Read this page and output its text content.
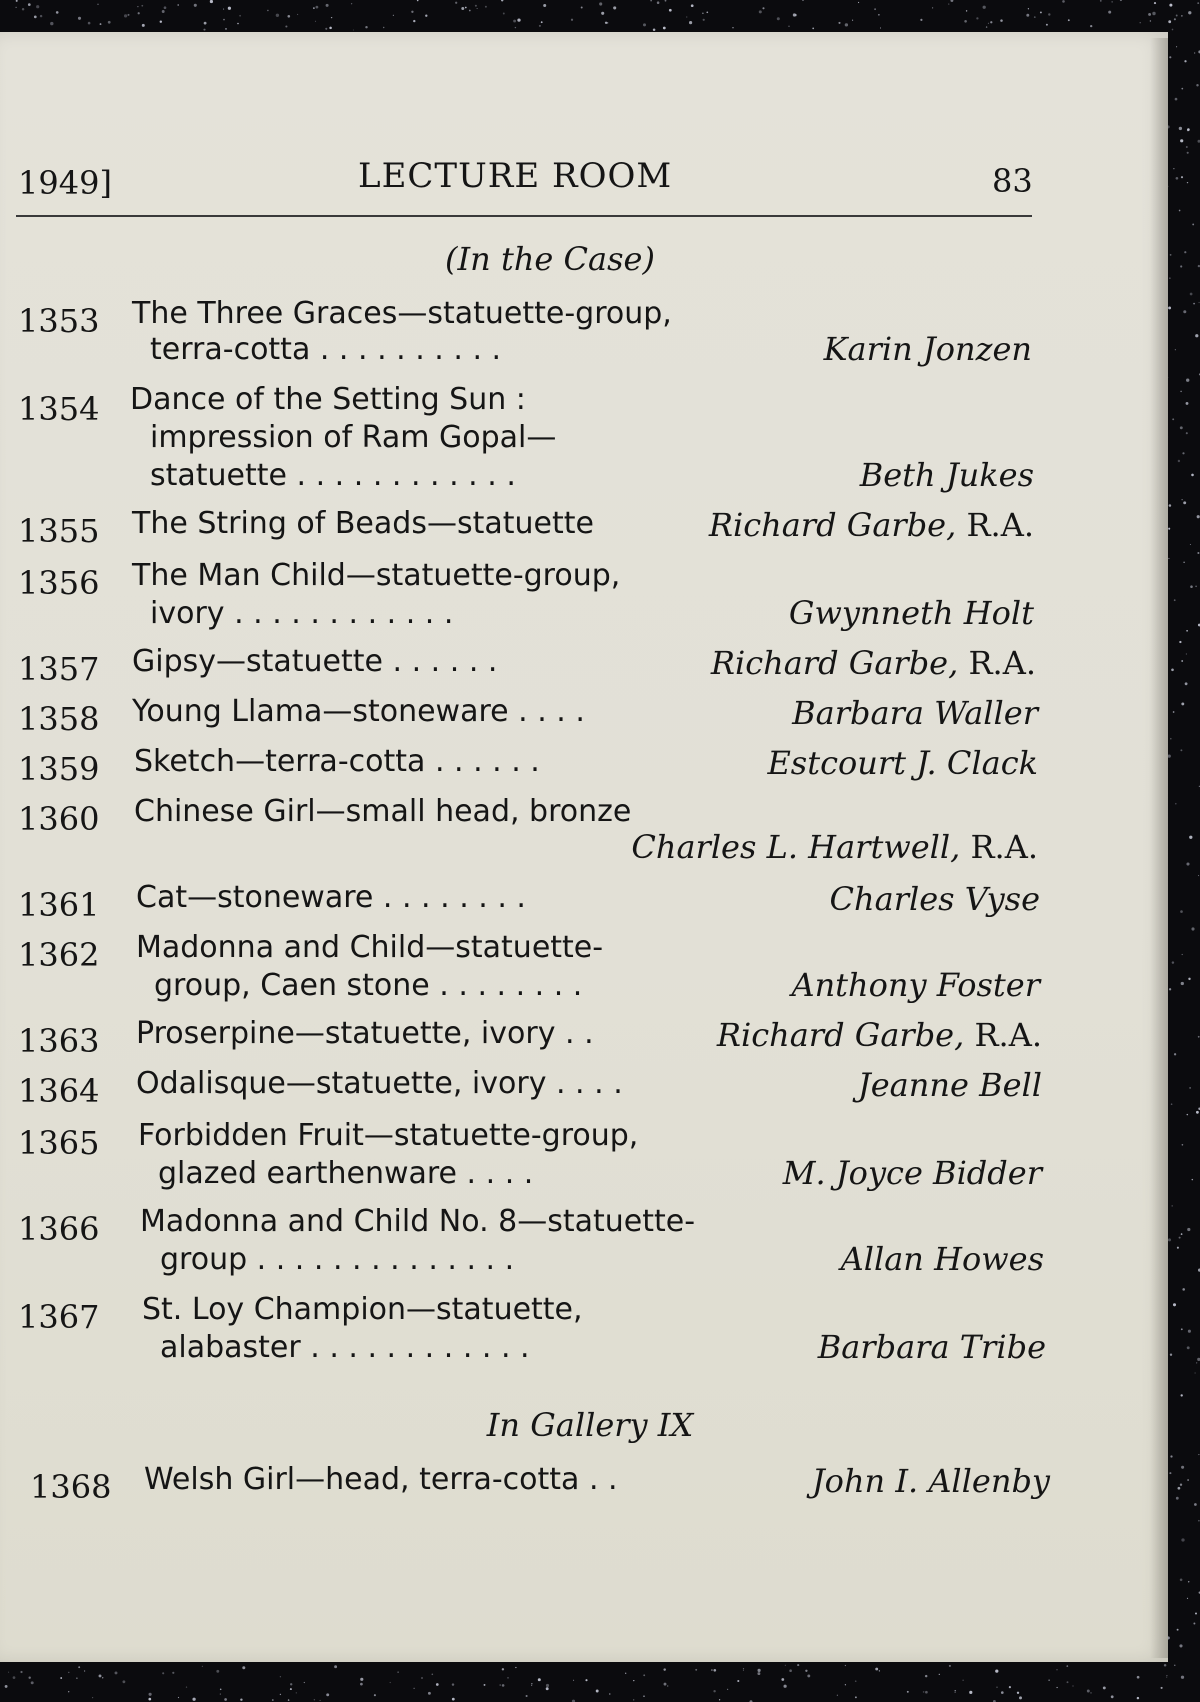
1949]	LECTURE ROOM	83
(In the Case)
1353 The Three Graces—statuette-group,
terra-cotta . . . . . . . . . .	Karin Jonzen
1354 Dance of the Setting Sun :
impression of Ram Gopal—
statuette . . . . . . . . . . . .	Beth Jukes
1355 The String of Beads—statuette	Richard Garbe, R.A.
1356 The Man Child—statuette-group,
ivory . . . . . . . . . . . .	Gwynneth Holt
1357 Gipsy—statuette . . . . . .	Richard Garbe, R.A.
1358 Young Llama—stoneware . . . .	Barbara Waller
1359 Sketch—terra-cotta . . . . . .	Estcourt J. Clack
1360 Chinese Girl—small head, bronze
Charles L. Hartwell, R.A.
1361 Cat—stoneware . . . . . . . .	Charles Vyse
1362 Madonna and Child—statuette-
group, Caen stone . . . . . . . .	Anthony Foster
1363 Proserpine—statuette, ivory . .	Richard Garbe, R.A.
1364 Odalisque—statuette, ivory . . . .	Jeanne Bell
1365 Forbidden Fruit—statuette-group,
glazed earthenware . . . .	M. Joyce Bidder
1366 Madonna and Child No. 8—statuette-
group . . . . . . . . . . . . . .	Allan Howes
1367 St. Loy Champion—statuette,
alabaster . . . . . . . . . . . .	Barbara Tribe
In Gallery IX
1368 Welsh Girl—head, terra-cotta . .	John I. Allenby
